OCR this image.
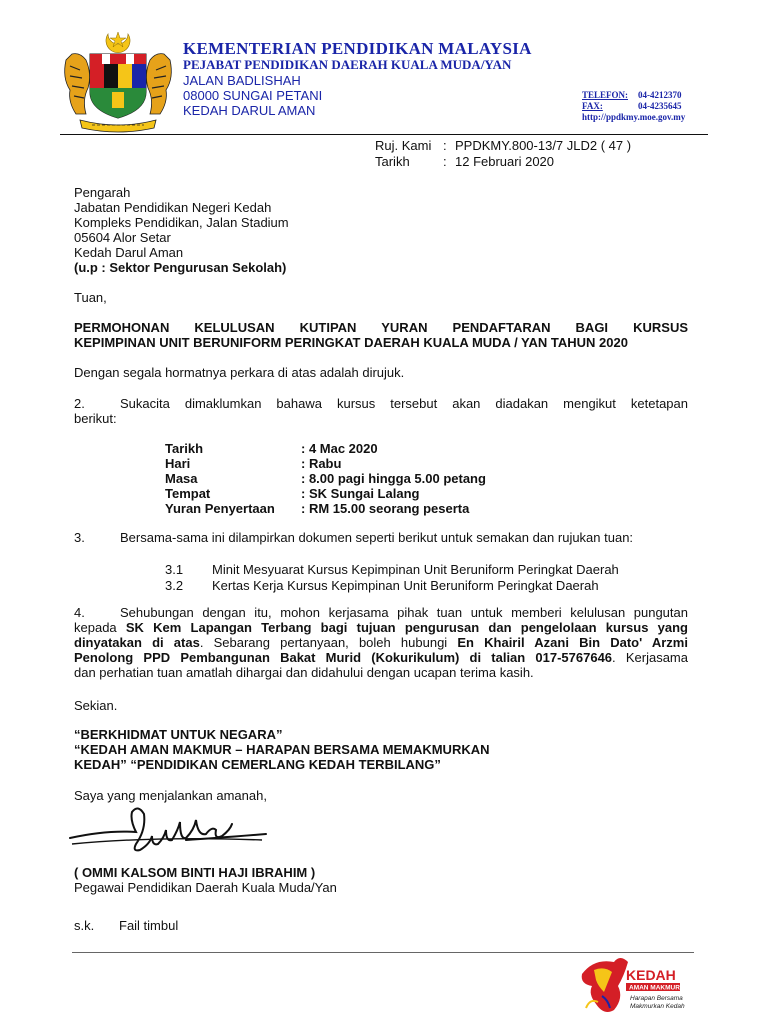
KEMENTERIAN PENDIDIKAN MALAYSIA
PEJABAT PENDIDIKAN DAERAH KUALA MUDA/YAN
JALAN BADLISHAH
08000 SUNGAI PETANI
KEDAH DARUL AMAN
TELEFON:	04-4212370
FAX:	04-4235645
http://ppdkmy.moe.gov.my
Ruj. Kami : PPDKMY.800-13/7 JLD2 ( 47 )
Tarikh	: 12 Februari 2020
Pengarah
Jabatan Pendidikan Negeri Kedah
Kompleks Pendidikan, Jalan Stadium
05604 Alor Setar
Kedah Darul Aman
(u.p : Sektor Pengurusan Sekolah)
Tuan,
PERMOHONAN KELULUSAN KUTIPAN YURAN PENDAFTARAN BAGI KURSUS
KEPIMPINAN UNIT BERUNIFORM PERINGKAT DAERAH KUALA MUDA / YAN TAHUN 2020
Dengan segala hormatnya perkara di atas adalah dirujuk.
2.	Sukacita dimaklumkan bahawa kursus tersebut akan diadakan mengikut ketetapan
berikut:
Tarikh	: 4 Mac 2020
Hari	: Rabu
Masa	: 8.00 pagi hingga 5.00 petang
Tempat	: SK Sungai Lalang
Yuran Penyertaan	: RM 15.00 seorang peserta
3.	Bersama-sama ini dilampirkan dokumen seperti berikut untuk semakan dan rujukan tuan:
3.1	Minit Mesyuarat Kursus Kepimpinan Unit Beruniform Peringkat Daerah
3.2	Kertas Kerja Kursus Kepimpinan Unit Beruniform Peringkat Daerah
4.	Sehubungan dengan itu, mohon kerjasama pihak tuan untuk memberi kelulusan pungutan
kepada SK Kem Lapangan Terbang bagi tujuan pengurusan dan pengelolaan kursus yang
dinyatakan di atas. Sebarang pertanyaan, boleh hubungi En Khairil Azani Bin Dato' Arzmi
Penolong PPD Pembangunan Bakat Murid (Kokurikulum) di talian 017-5767646. Kerjasama
dan perhatian tuan amatlah dihargai dan didahului dengan ucapan terima kasih.
Sekian.
“BERKHIDMAT UNTUK NEGARA”
“KEDAH AMAN MAKMUR – HARAPAN BERSAMA MEMAKMURKAN
KEDAH” “PENDIDIKAN CEMERLANG KEDAH TERBILANG”
Saya yang menjalankan amanah,
( OMMI KALSOM BINTI HAJI IBRAHIM )
Pegawai Pendidikan Daerah Kuala Muda/Yan
s.k.	Fail timbul
KEDAH
AMAN MAKMUR
Harapan Bersama
Makmurkan Kedah
